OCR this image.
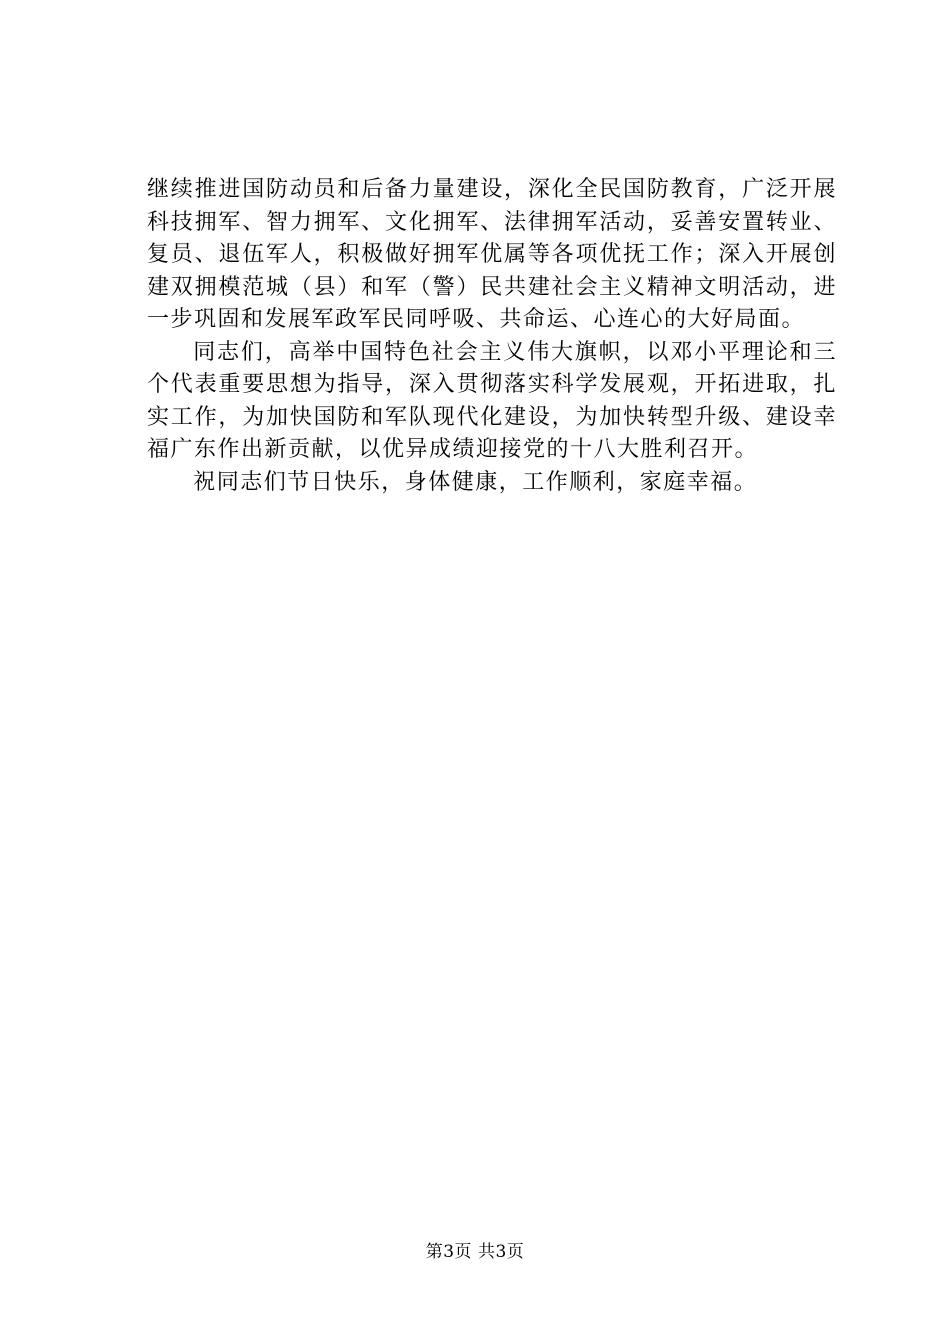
继续推进国防动员和后备力量建设，深化全民国防教育，广泛开展科技拥军、智力拥军、文化拥军、法律拥军活动，妥善安置转业、复员、退伍军人，积极做好拥军优属等各项优抚工作；深入开展创建双拥模范城（县）和军（警）民共建社会主义精神文明活动，进一步巩固和发展军政军民同呼吸、共命运、心连心的大好局面。

同志们，高举中国特色社会主义伟大旗帜，以邓小平理论和三个代表重要思想为指导，深入贯彻落实科学发展观，开拓进取，扎实工作，为加快国防和军队现代化建设，为加快转型升级、建设幸福广东作出新贡献，以优异成绩迎接党的十八大胜利召开。

祝同志们节日快乐，身体健康，工作顺利，家庭幸福。

第3页 共3页
